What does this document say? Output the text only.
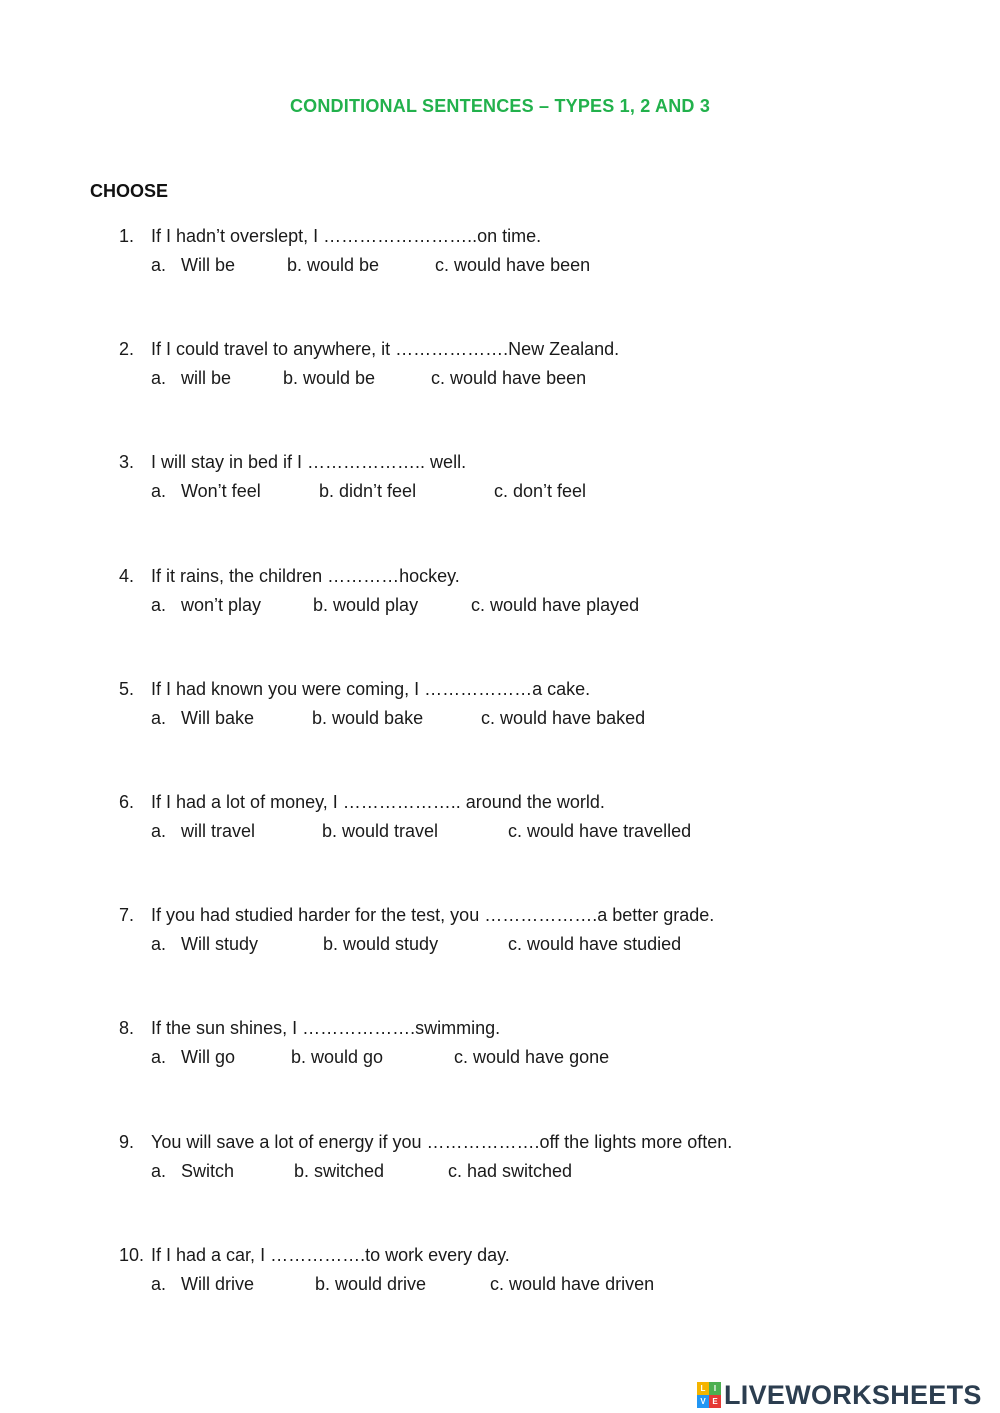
CONDITIONAL SENTENCES – TYPES 1, 2 AND 3
CHOOSE
1. If I hadn’t overslept, I ……………………..on time.
a. Will be	b. would be	c. would have been
2. If I could travel to anywhere, it ……………….New Zealand.
a. will be	b. would be	c. would have been
3. I will stay in bed if I ……………….. well.
a. Won’t feel	b. didn’t feel	c. don’t feel
4. If it rains, the children …………hockey.
a. won’t play	b. would play	c. would have played
5. If I had known you were coming, I ………………a cake.
a. Will bake	b. would bake	c. would have baked
6. If I had a lot of money, I ……………….. around the world.
a. will travel	b. would travel	c. would have travelled
7. If you had studied harder for the test, you ……………….a better grade.
a. Will study	b. would study	c. would have studied
8. If the sun shines, I ……………….swimming.
a. Will go	b. would go	c. would have gone
9. You will save a lot of energy if you ……………….off the lights more often.
a. Switch	b. switched	c. had switched
10. If I had a car, I …………….to work every day.
a. Will drive	b. would drive	c. would have driven
L	I
V E LIVEWORKSHEETS
